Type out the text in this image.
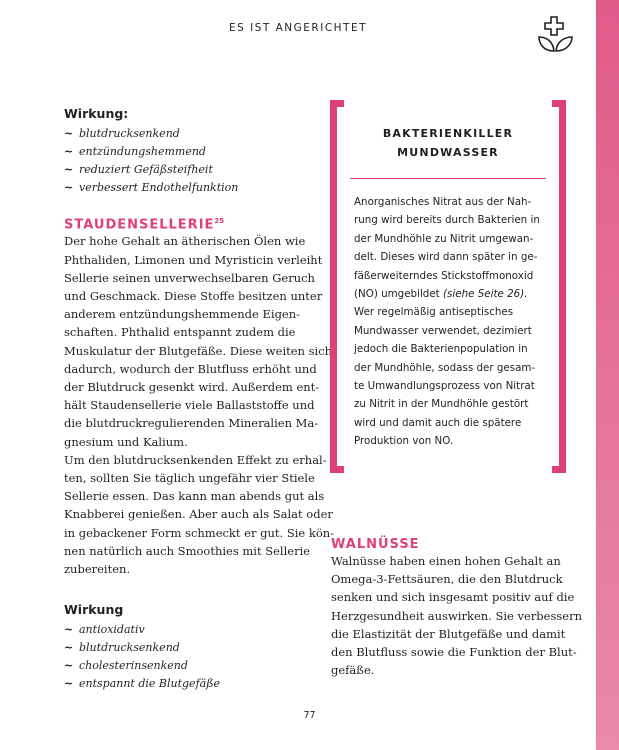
ES IST ANGERICHTET

Wirkung:

~ blutdrucksenkend
~ entzündungshemmend
~ reduziert Gefäßsteifheit
~ verbessert Endothelfunktion
STAUDENSELLERIE$^{25}$

Der hohe Gehalt an ätherischen Ölen wie
Phthaliden, Limonen und Myristicin verleiht
Sellerie seinen unverwechselbaren Geruch
und Geschmack. Diese Stoffe besitzen unter
anderem entzündungshemmende Eigen-
schaften. Phthalid entspannt zudem die
Muskulatur der Blutgefäße. Diese weiten sich
dadurch, wodurch der Blutfluss erhöht und
der Blutdruck gesenkt wird. Außerdem ent-
hält Staudensellerie viele Ballaststoffe und
die blutdruckregulierenden Mineralien Ma-
gnesium und Kalium.
Um den blutdrucksenkenden Effekt zu erhal-
ten, sollten Sie täglich ungefähr vier Stiele
Sellerie essen. Das kann man abends gut als
Knabberei genießen. Aber auch als Salat oder
in gebackener Form schmeckt er gut. Sie kön-
nen natürlich auch Smoothies mit Sellerie
zubereiten.

Wirkung

~ antioxidativ
~ blutdrucksenkend
~ cholesterinsenkend
~ entspannt die Blutgefäße
BAKTERIENKILLER
MUNDWASSER
Anorganisches Nitrat aus der Nah-
rung wird bereits durch Bakterien in
der Mundhöhle zu Nitrit umgewan-
delt. Dieses wird dann später in ge-
fäßerweiterndes Stickstoffmonoxid
(NO) umgebildet (siehe Seite 26).
Wer regelmäßig antiseptisches
Mundwasser verwendet, dezimiert
jedoch die Bakterienpopulation in
der Mundhöhle, sodass der gesam-
te Umwandlungsprozess von Nitrat
zu Nitrit in der Mundhöhle gestört
wird und damit auch die spätere
Produktion von NO.
WALNÜSSE

Walnüsse haben einen hohen Gehalt an
Omega-3-Fettsäuren, die den Blutdruck
senken und sich insgesamt positiv auf die
Herzgesundheit auswirken. Sie verbessern
die Elastizität der Blutgefäße und damit
den Blutfluss sowie die Funktion der Blut-
gefäße.

77
